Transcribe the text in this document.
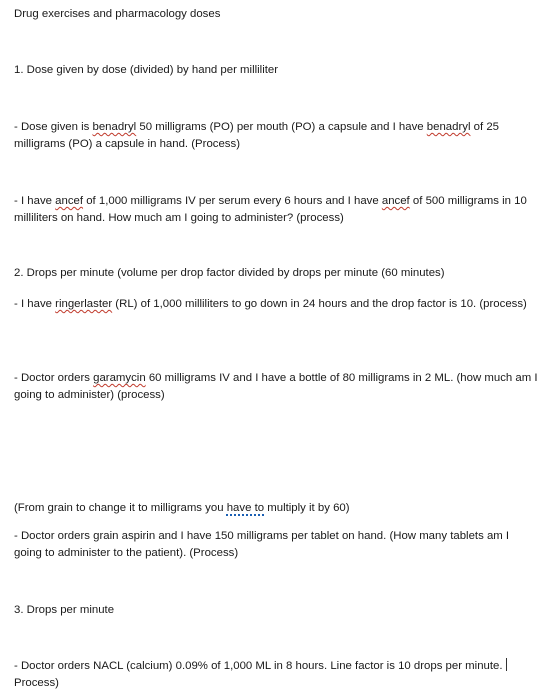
Drug exercises and pharmacology doses

1. Dose given by dose (divided) by hand per milliliter

- Dose given is benadryl 50 milligrams (PO) per mouth (PO) a capsule and I have benadryl of 25 milligrams (PO) a capsule in hand. (Process)

- I have ancef of 1,000 milligrams IV per serum every 6 hours and I have ancef of 500 milligrams in 10 milliliters on hand. How much am I going to administer? (process)

2. Drops per minute (volume per drop factor divided by drops per minute (60 minutes)

- I have ringerlaster (RL) of 1,000 milliliters to go down in 24 hours and the drop factor is 10. (process)

- Doctor orders garamycin 60 milligrams IV and I have a bottle of 80 milligrams in 2 ML. (how much am I going to administer) (process)

(From grain to change it to milligrams you have to multiply it by 60)

- Doctor orders grain aspirin and I have 150 milligrams per tablet on hand. (How many tablets am I going to administer to the patient). (Process)

3. Drops per minute

- Doctor orders NACL (calcium) 0.09% of 1,000 ML in 8 hours. Line factor is 10 drops per minute. Process)
